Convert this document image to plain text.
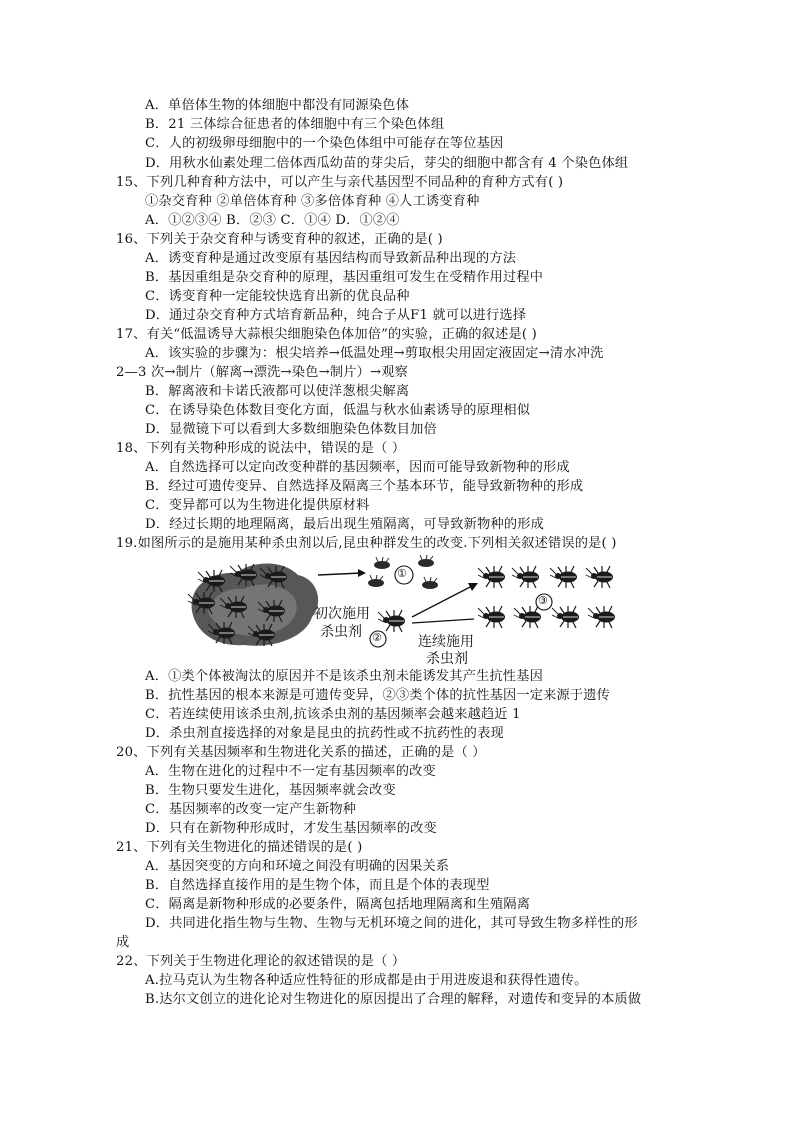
A．单倍体生物的体细胞中都没有同源染色体
B．21 三体综合征患者的体细胞中有三个染色体组
C．人的初级卵母细胞中的一个染色体组中可能存在等位基因
D．用秋水仙素处理二倍体西瓜幼苗的芽尖后，芽尖的细胞中都含有 4 个染色体组
15、下列几种育种方法中，可以产生与亲代基因型不同品种的育种方式有( )
①杂交育种 ②单倍体育种 ③多倍体育种 ④人工诱变育种
A．①②③④ B．②③ C．①④ D．①②④
16、下列关于杂交育种与诱变育种的叙述，正确的是( )
A．诱变育种是通过改变原有基因结构而导致新品种出现的方法
B．基因重组是杂交育种的原理，基因重组可发生在受精作用过程中
C．诱变育种一定能较快选育出新的优良品种
D．通过杂交育种方式培育新品种，纯合子从F1 就可以进行选择
17、有关“低温诱导大蒜根尖细胞染色体加倍”的实验，正确的叙述是( )
A．该实验的步骤为：根尖培养→低温处理→剪取根尖用固定液固定→清水冲洗
2—3 次→制片（解离→漂洗→染色→制片）→观察
B．解离液和卡诺氏液都可以使洋葱根尖解离
C．在诱导染色体数目变化方面，低温与秋水仙素诱导的原理相似
D．显微镜下可以看到大多数细胞染色体数目加倍
18、下列有关物种形成的说法中，错误的是（ ）
A．自然选择可以定向改变种群的基因频率，因而可能导致新物种的形成
B．经过可遗传变异、自然选择及隔离三个基本环节，能导致新物种的形成
C．变异都可以为生物进化提供原材料
D．经过长期的地理隔离，最后出现生殖隔离，可导致新物种的形成
19.如图所示的是施用某种杀虫剂以后,昆虫种群发生的改变.下列相关叙述错误的是( )
①
②
③
初次施用
杀虫剂
连续施用
杀虫剂
A．①类个体被淘汰的原因并不是该杀虫剂未能诱发其产生抗性基因
B．抗性基因的根本来源是可遗传变异，②③类个体的抗性基因一定来源于遗传
C．若连续使用该杀虫剂,抗该杀虫剂的基因频率会越来越趋近 1
D．杀虫剂直接选择的对象是昆虫的抗药性或不抗药性的表现
20、下列有关基因频率和生物进化关系的描述，正确的是（ ）
A．生物在进化的过程中不一定有基因频率的改变
B．生物只要发生进化，基因频率就会改变
C．基因频率的改变一定产生新物种
D．只有在新物种形成时，才发生基因频率的改变
21、下列有关生物进化的描述错误的是( )
A．基因突变的方向和环境之间没有明确的因果关系
B．自然选择直接作用的是生物个体，而且是个体的表现型
C．隔离是新物种形成的必要条件，隔离包括地理隔离和生殖隔离
D．共同进化指生物与生物、生物与无机环境之间的进化，其可导致生物多样性的形
成
22、下列关于生物进化理论的叙述错误的是（ ）
A.拉马克认为生物各种适应性特征的形成都是由于用进废退和获得性遗传。
B.达尔文创立的进化论对生物进化的原因提出了合理的解释，对遗传和变异的本质做
